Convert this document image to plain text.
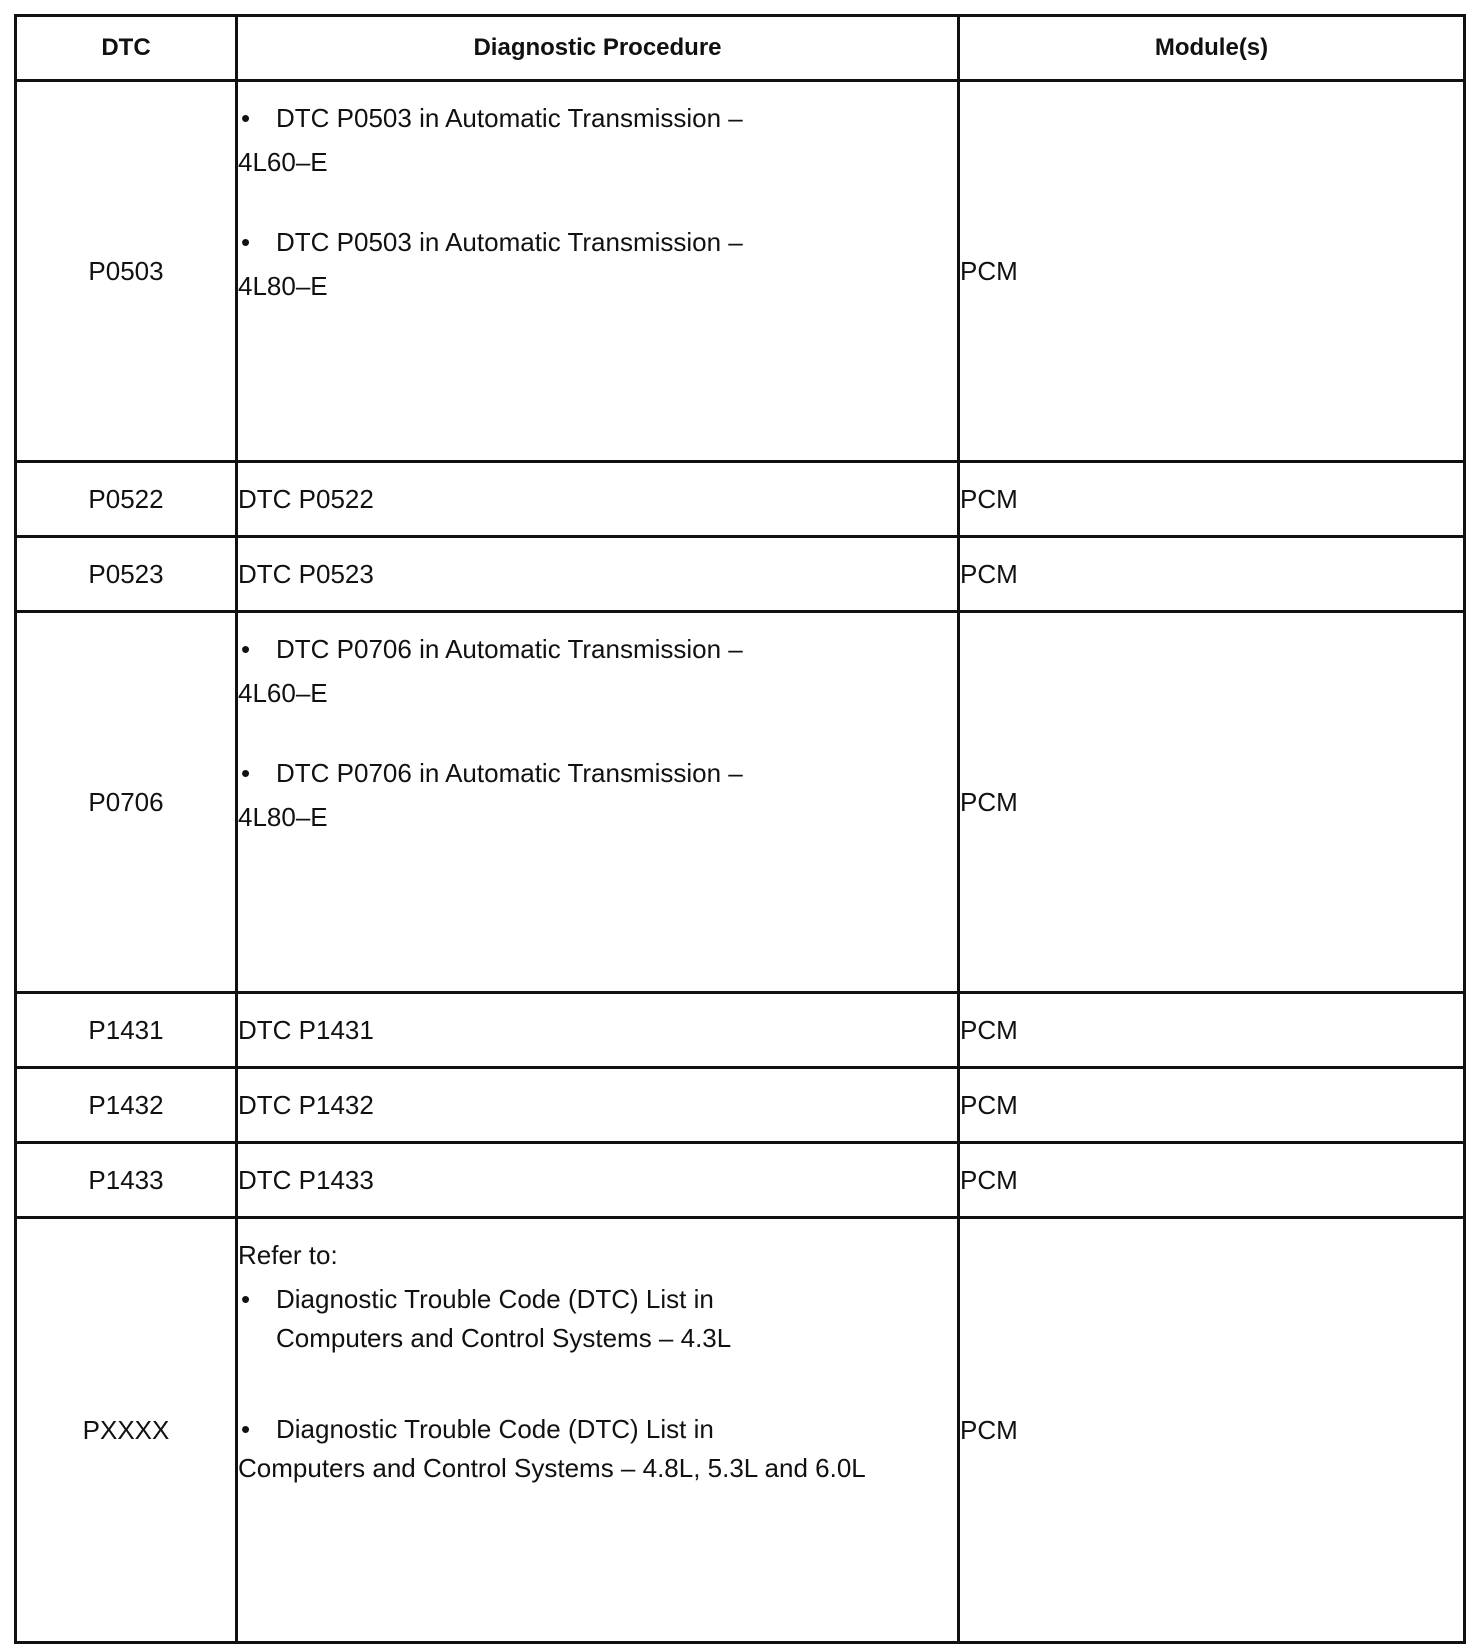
DTC	Diagnostic Procedure	Module(s)
P0503	• DTC P0503 in Automatic Transmission –
4L60–E
• DTC P0503 in Automatic Transmission –
4L80–E	PCM
P0522	DTC P0522	PCM
P0523	DTC P0523	PCM
P0706	• DTC P0706 in Automatic Transmission –
4L60–E
• DTC P0706 in Automatic Transmission –
4L80–E	PCM
P1431	DTC P1431	PCM
P1432	DTC P1432	PCM
P1433	DTC P1433	PCM
PXXXX	Refer to:
• Diagnostic Trouble Code (DTC) List in
Computers and Control Systems – 4.3L
• Diagnostic Trouble Code (DTC) List in
Computers and Control Systems – 4.8L, 5.3L and 6.0L	PCM
